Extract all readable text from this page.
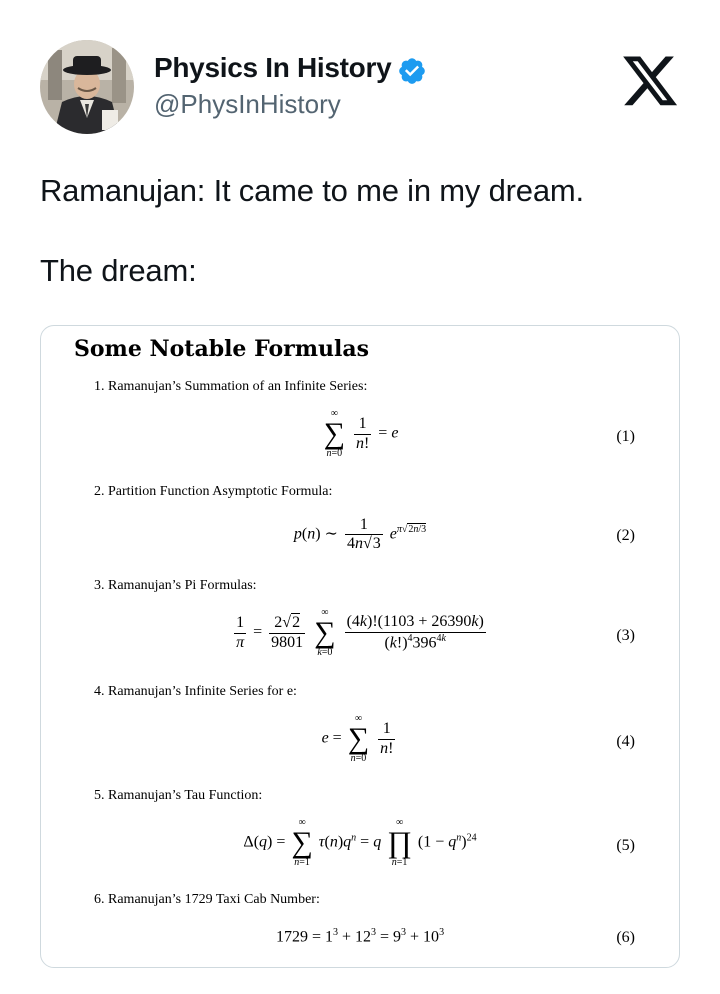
Physics In History
@PhysInHistory
Ramanujan: It came to me in my dream.
The dream:
Some Notable Formulas
1. Ramanujan’s Summation of an Infinite Series:
∞
∑
n=0

$\frac{1}{n!} = e$	(1)
2. Partition Function Asymptotic Formula:
p(n) ∼ $\frac{1}{4n√3} e^{\pi√2n/3}$	(2)
3. Ramanujan’s Pi Formulas:
$\frac{1}{\pi} = \frac{2√2}{9801}$

∞
∑
k=0
$\frac{(4k)!(1103 + 26390k)}{(k!)^4396^{4k}}$	(3)
4. Ramanujan’s Infinite Series for e:
e =
∞
∑
n=0

$\frac{1}{n!}$	(4)
5. Ramanujan’s Tau Function:
Δ(q) =
∞
∑
n=1
$\tau(n)q^n = q$
∞
∏
n=1
$(1 - q^n)^{24}$	(5)
6. Ramanujan’s 1729 Taxi Cab Number:
$1729 = 1^3 + 12^3 = 9^3 + 10^3$	(6)
